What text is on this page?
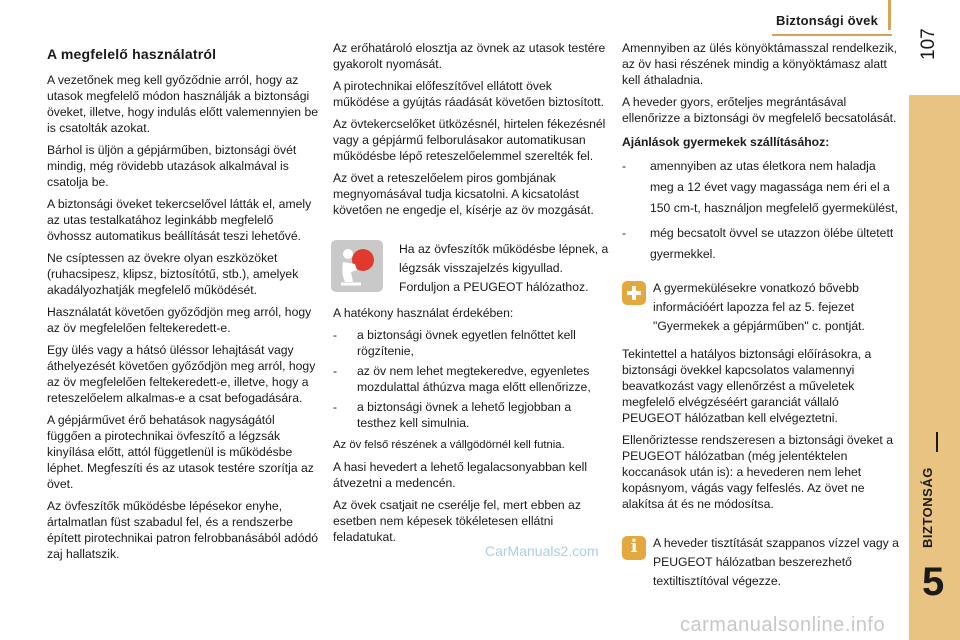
Biztonsági övek
107
BIZTONSÁG
5
A megfelelő használatról

A vezetőnek meg kell győződnie arról, hogy az utasok megfelelő módon használják a biztonsági öveket, illetve, hogy indulás előtt valemennyien be is csatolták azokat.

Bárhol is üljön a gépjárműben, biztonsági övét mindig, még rövidebb utazások alkalmával is csatolja be.

A biztonsági öveket tekercselővel látták el, amely az utas testalkatához leginkább megfelelő övhossz automatikus beállítását teszi lehetővé.

Ne csíptessen az övekre olyan eszközöket (ruhacsipesz, klipsz, biztosítótű, stb.), amelyek akadályozhatják megfelelő működését.

Használatát követően győződjön meg arról, hogy az öv megfelelően feltekeredett-e.

Egy ülés vagy a hátsó üléssor lehajtását vagy áthelyezését követően győződjön meg arról, hogy az öv megfelelően feltekeredett-e, illetve, hogy a reteszelőelem alkalmas-e a csat befogadására.

A gépjárművet érő behatások nagyságától függően a pirotechnikai övfeszítő a légzsák kinyílása előtt, attól függetlenül is működésbe léphet. Megfeszíti és az utasok testére szorítja az övet.

Az övfeszítők működésbe lépésekor enyhe, ártalmatlan füst szabadul fel, és a rendszerbe épített pirotechnikai patron felrobbanásából adódó zaj hallatszik.

Az erőhatároló elosztja az övnek az utasok testére gyakorolt nyomását.

A pirotechnikai előfeszítővel ellátott övek működése a gyújtás ráadását követően biztosított.

Az övtekercselőket ütközésnél, hirtelen fékezésnél vagy a gépjármű felborulásakor automatikusan működésbe lépő reteszelőelemmel szerelték fel.

Az övet a reteszelőelem piros gombjának megnyomásával tudja kicsatolni. A kicsatolást követően ne engedje el, kísérje az öv mozgását.

Ha az övfeszítők működésbe lépnek, a légzsák visszajelzés kigyullad. Forduljon a PEUGEOT hálózathoz.

A hatékony használat érdekében:

- a biztonsági övnek egyetlen felnőttet kell rögzítenie,
- az öv nem lehet megtekeredve, egyenletes mozdulattal áthúzva maga előtt ellenőrizze,
- a biztonsági övnek a lehető legjobban a testhez kell simulnia.

Az öv felső részének a vállgödörnél kell futnia.

A hasi hevedert a lehető legalacsonyabban kell átvezetni a medencén.

Az övek csatjait ne cserélje fel, mert ebben az esetben nem képesek tökéletesen ellátni feladatukat.

Amennyiben az ülés könyöktámasszal rendelkezik, az öv hasi részének mindig a könyöktámasz alatt kell áthaladnia.

A heveder gyors, erőteljes megrántásával ellenőrizze a biztonsági öv megfelelő becsatolását.

Ajánlások gyermekek szállításához:
- amennyiben az utas életkora nem haladja meg a 12 évet vagy magassága nem éri el a 150 cm-t, használjon megfelelő gyermekülést,
- még becsatolt övvel se utazzon ölébe ültetett gyermekkel.
A gyermekülésekre vonatkozó bővebb információért lapozza fel az 5. fejezet "Gyermekek a gépjárműben" c. pontját.

Tekintettel a hatályos biztonsági előírásokra, a biztonsági övekkel kapcsolatos valamennyi beavatkozást vagy ellenőrzést a műveletek megfelelő elvégzéséért garanciát vállaló PEUGEOT hálózatban kell elvégeztetni.

Ellenőriztesse rendszeresen a biztonsági öveket a PEUGEOT hálózatban (még jelentéktelen koccanások után is): a hevederen nem lehet kopásnyom, vágás vagy felfeslés. Az övet ne alakítsa át és ne módosítsa.

i	A heveder tisztítását szappanos vízzel vagy a PEUGEOT hálózatban beszerezhető textiltisztítóval végezze.
CarManuals2.com
carmanualsonline.info
